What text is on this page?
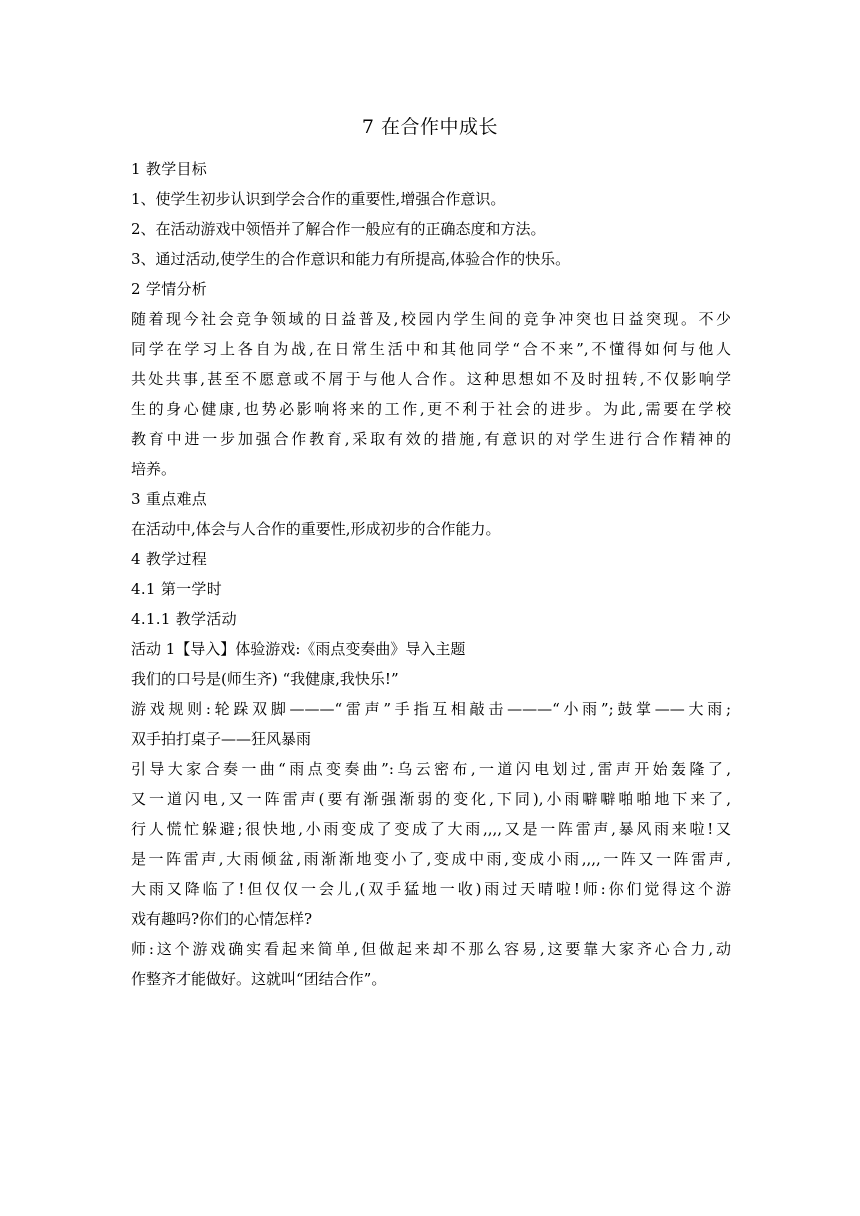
7 在合作中成长
1 教学目标
1、使学生初步认识到学会合作的重要性,增强合作意识。
2、在活动游戏中领悟并了解合作一般应有的正确态度和方法。
3、通过活动,使学生的合作意识和能力有所提高,体验合作的快乐。
2 学情分析
随着现今社会竞争领域的日益普及,校园内学生间的竞争冲突也日益突现。不少
同学在学习上各自为战,在日常生活中和其他同学“合不来”,不懂得如何与他人
共处共事,甚至不愿意或不屑于与他人合作。这种思想如不及时扭转,不仅影响学
生的身心健康,也势必影响将来的工作,更不利于社会的进步。为此,需要在学校
教育中进一步加强合作教育,采取有效的措施,有意识的对学生进行合作精神的
培养。
3 重点难点
在活动中,体会与人合作的重要性,形成初步的合作能力。
4 教学过程
4.1 第一学时
4.1.1 教学活动
活动 1【导入】体验游戏:《雨点变奏曲》导入主题
我们的口号是(师生齐) “我健康,我快乐!”
游戏规则:轮跺双脚———“雷声”手指互相敲击———“小雨”;鼓掌——大雨;
双手拍打桌子——狂风暴雨
引导大家合奏一曲“雨点变奏曲”:乌云密布,一道闪电划过,雷声开始轰隆了,
又一道闪电,又一阵雷声(要有渐强渐弱的变化,下同),小雨噼噼啪啪地下来了,
行人慌忙躲避;很快地,小雨变成了变成了大雨,,,,又是一阵雷声,暴风雨来啦!又
是一阵雷声,大雨倾盆,雨渐渐地变小了,变成中雨,变成小雨,,,,一阵又一阵雷声,
大雨又降临了!但仅仅一会儿,(双手猛地一收)雨过天晴啦!师:你们觉得这个游
戏有趣吗?你们的心情怎样?
师:这个游戏确实看起来简单,但做起来却不那么容易,这要靠大家齐心合力,动
作整齐才能做好。这就叫“团结合作”。
